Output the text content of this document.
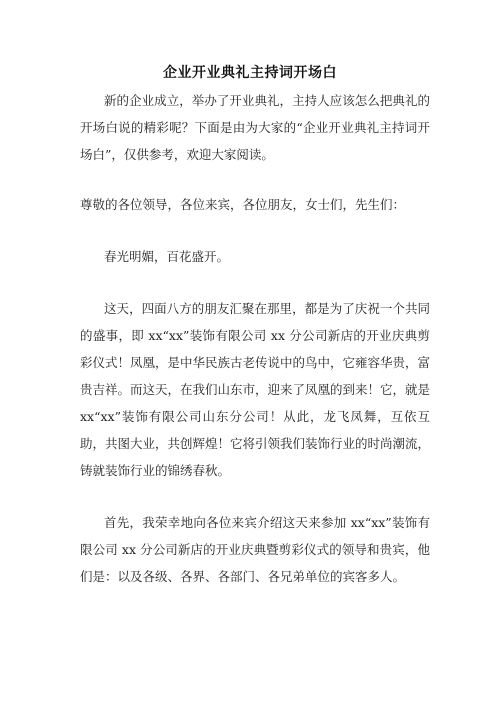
企业开业典礼主持词开场白

新的企业成立，举办了开业典礼，主持人应该怎么把典礼的开场白说的精彩呢？下面是由为大家的“企业开业典礼主持词开场白”，仅供参考，欢迎大家阅读。

尊敬的各位领导，各位来宾，各位朋友，女士们，先生们：

春光明媚，百花盛开。

这天，四面八方的朋友汇聚在那里，都是为了庆祝一个共同的盛事，即 xx“xx”装饰有限公司 xx 分公司新店的开业庆典剪彩仪式！凤凰，是中华民族古老传说中的鸟中，它雍容华贵，富贵吉祥。而这天，在我们山东市，迎来了凤凰的到来！它，就是 xx“xx”装饰有限公司山东分公司！从此，龙飞凤舞，互依互助，共图大业，共创辉煌！它将引领我们装饰行业的时尚潮流，铸就装饰行业的锦绣春秋。

首先，我荣幸地向各位来宾介绍这天来参加 xx“xx”装饰有限公司 xx 分公司新店的开业庆典暨剪彩仪式的领导和贵宾，他们是：以及各级、各界、各部门、各兄弟单位的宾客多人。
